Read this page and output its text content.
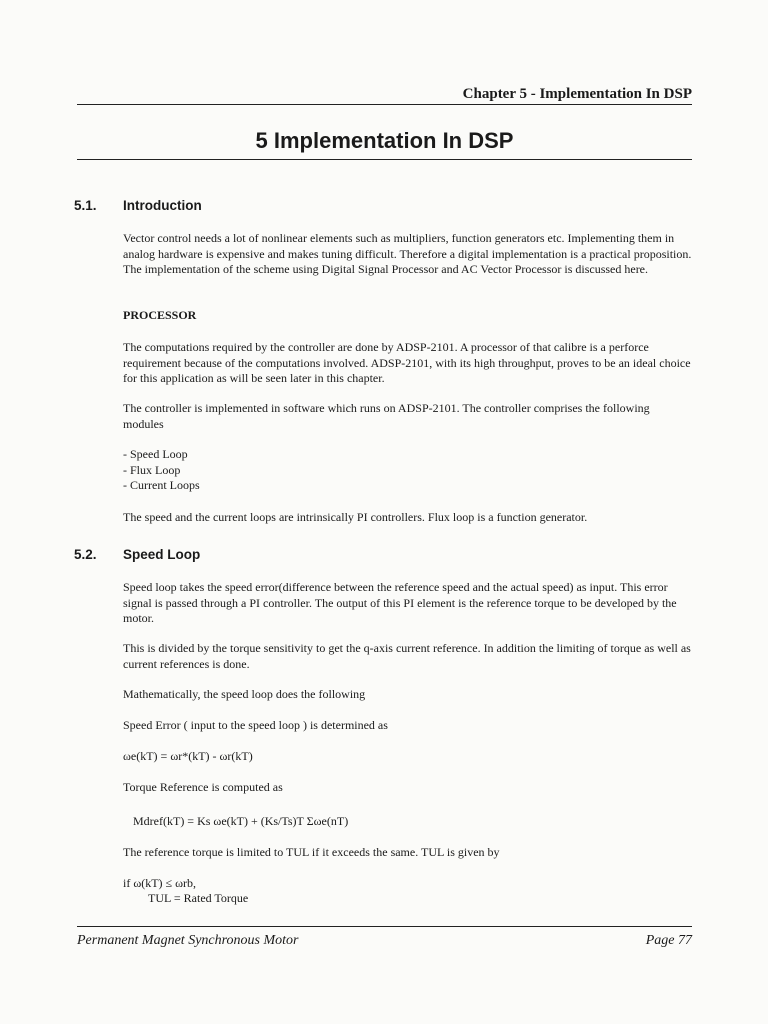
Chapter 5 - Implementation In DSP
5 Implementation In DSP
5.1. Introduction

Vector control needs a lot of nonlinear elements such as multipliers, function generators etc. Implementing them in analog hardware is expensive and makes tuning difficult. Therefore a digital implementation is a practical proposition. The implementation of the scheme using Digital Signal Processor and AC Vector Processor is discussed here.

PROCESSOR

The computations required by the controller are done by ADSP-2101. A processor of that calibre is a perforce requirement because of the computations involved. ADSP-2101, with its high throughput, proves to be an ideal choice for this application as will be seen later in this chapter.

The controller is implemented in software which runs on ADSP-2101. The controller comprises the following modules

- Speed Loop
- Flux Loop
- Current Loops

The speed and the current loops are intrinsically PI controllers. Flux loop is a function generator.

5.2. Speed Loop

Speed loop takes the speed error(difference between the reference speed and the actual speed) as input. This error signal is passed through a PI controller. The output of this PI element is the reference torque to be developed by the motor.

This is divided by the torque sensitivity to get the q-axis current reference. In addition the limiting of torque as well as current references is done.

Mathematically, the speed loop does the following

Speed Error ( input to the speed loop ) is determined as

ωe(kT) = ωr*(kT) - ωr(kT)

Torque Reference is computed as

Mdref(kT) = Ks ωe(kT) + (Ks/Ts)T Σωe(nT)

The reference torque is limited to TUL if it exceeds the same. TUL is given by

if ω(kT) ≤ ωrb,
TUL = Rated Torque
Permanent Magnet Synchronous Motor	Page 77
